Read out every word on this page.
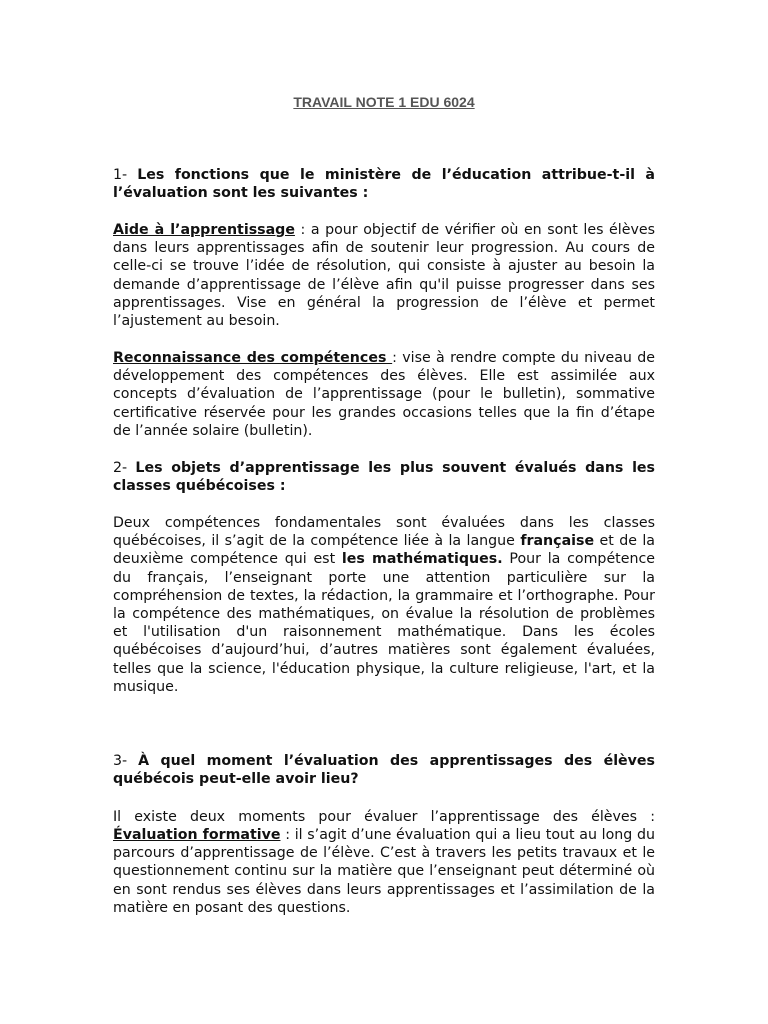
TRAVAIL NOTE 1 EDU 6024

1- Les fonctions que le ministère de l’éducation attribue-t-il à l’évaluation sont les suivantes :

Aide à l’apprentissage : a pour objectif de vérifier où en sont les élèves dans leurs apprentissages afin de soutenir leur progression. Au cours de celle-ci se trouve l’idée de résolution, qui consiste à ajuster au besoin la demande d’apprentissage de l’élève afin qu'il puisse progresser dans ses apprentissages. Vise en général la progression de l’élève et permet l’ajustement au besoin.

Reconnaissance des compétences : vise à rendre compte du niveau de développement des compétences des élèves. Elle est assimilée aux concepts d’évaluation de l’apprentissage (pour le bulletin), sommative certificative réservée pour les grandes occasions telles que la fin d’étape de l’année solaire (bulletin).

2- Les objets d’apprentissage les plus souvent évalués dans les classes québécoises :

Deux compétences fondamentales sont évaluées dans les classes québécoises, il s’agit de la compétence liée à la langue française et de la deuxième compétence qui est les mathématiques. Pour la compétence du français, l’enseignant porte une attention particulière sur la compréhension de textes, la rédaction, la grammaire et l’orthographe. Pour la compétence des mathématiques, on évalue la résolution de problèmes et l'utilisation d'un raisonnement mathématique. Dans les écoles québécoises d’aujourd’hui, d’autres matières sont également évaluées, telles que la science, l'éducation physique, la culture religieuse, l'art, et la musique.

3- À quel moment l’évaluation des apprentissages des élèves québécois peut-elle avoir lieu?

Il existe deux moments pour évaluer l’apprentissage des élèves :

Évaluation formative : il s’agit d’une évaluation qui a lieu tout au long du parcours d’apprentissage de l’élève. C’est à travers les petits travaux et le questionnement continu sur la matière que l’enseignant peut déterminé où en sont rendus ses élèves dans leurs apprentissages et l’assimilation de la matière en posant des questions.
